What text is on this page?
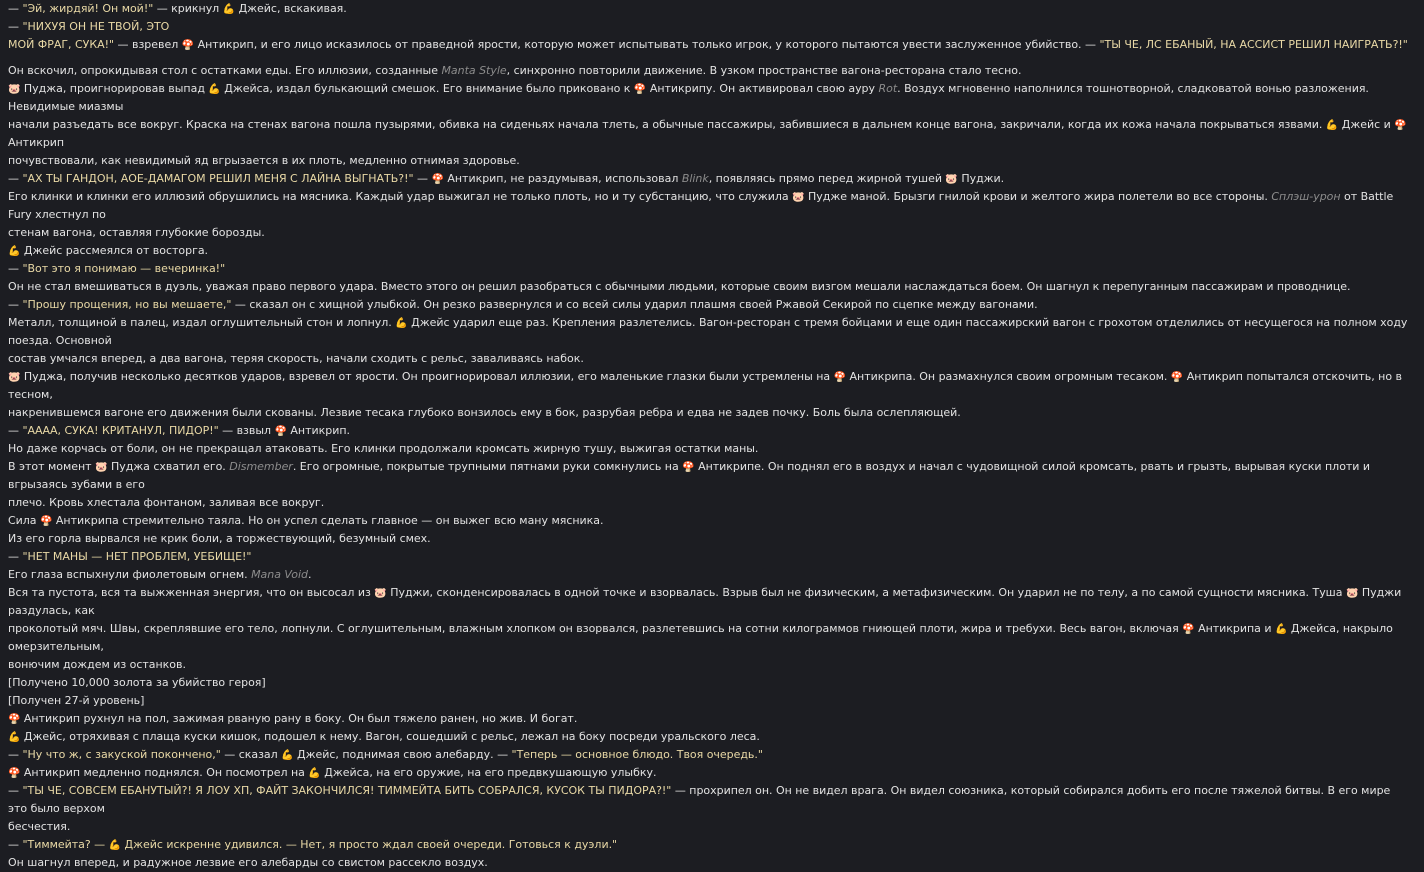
— "Эй, жирдяй! Он мой!" — крикнул 💪 Джейс, вскакивая.
— "НИХУЯ ОН НЕ ТВОЙ, ЭТО
МОЙ ФРАГ, СУКА!" — взревел 🍄 Антикрип, и его лицо исказилось от праведной ярости, которую может испытывать только игрок, у которого пытаются увести заслуженное убийство. — "ТЫ ЧЕ, ЛС ЕБАНЫЙ, НА АССИСТ РЕШИЛ НАИГРАТЬ?!"
Он вскочил, опрокидывая стол с остатками еды. Его иллюзии, созданные Manta Style, синхронно повторили движение. В узком пространстве вагона-ресторана стало тесно.
🐷 Пуджа, проигнорировав выпад 💪 Джейса, издал булькающий смешок. Его внимание было приковано к 🍄 Антикрипу. Он активировал свою ауру Rot. Воздух мгновенно наполнился тошнотворной, сладковатой вонью разложения. Невидимые миазмы
начали разъедать все вокруг. Краска на стенах вагона пошла пузырями, обивка на сиденьях начала тлеть, а обычные пассажиры, забившиеся в дальнем конце вагона, закричали, когда их кожа начала покрываться язвами. 💪 Джейс и 🍄 Антикрип
почувствовали, как невидимый яд вгрызается в их плоть, медленно отнимая здоровье.
— "АХ ТЫ ГАНДОН, АОЕ-ДАМАГОМ РЕШИЛ МЕНЯ С ЛАЙНА ВЫГНАТЬ?!" — 🍄 Антикрип, не раздумывая, использовал Blink, появляясь прямо перед жирной тушей 🐷 Пуджи.
Его клинки и клинки его иллюзий обрушились на мясника. Каждый удар выжигал не только плоть, но и ту субстанцию, что служила 🐷 Пудже маной. Брызги гнилой крови и желтого жира полетели во все стороны. Сплэш-урон от Battle Fury хлестнул по
стенам вагона, оставляя глубокие борозды.
💪 Джейс рассмеялся от восторга.
— "Вот это я понимаю — вечеринка!"
Он не стал вмешиваться в дуэль, уважая право первого удара. Вместо этого он решил разобраться с обычными людьми, которые своим визгом мешали наслаждаться боем. Он шагнул к перепуганным пассажирам и проводнице.
— "Прошу прощения, но вы мешаете," — сказал он с хищной улыбкой. Он резко развернулся и со всей силы ударил плашмя своей Ржавой Секирой по сцепке между вагонами.
Металл, толщиной в палец, издал оглушительный стон и лопнул. 💪 Джейс ударил еще раз. Крепления разлетелись. Вагон-ресторан с тремя бойцами и еще один пассажирский вагон с грохотом отделились от несущегося на полном ходу поезда. Основной
состав умчался вперед, а два вагона, теряя скорость, начали сходить с рельс, заваливаясь набок.
🐷 Пуджа, получив несколько десятков ударов, взревел от ярости. Он проигнорировал иллюзии, его маленькие глазки были устремлены на 🍄 Антикрипа. Он размахнулся своим огромным тесаком. 🍄 Антикрип попытался отскочить, но в тесном,
накренившемся вагоне его движения были скованы. Лезвие тесака глубоко вонзилось ему в бок, разрубая ребра и едва не задев почку. Боль была ослепляющей.
— "АААА, СУКА! КРИТАНУЛ, ПИДОР!" — взвыл 🍄 Антикрип.
Но даже корчась от боли, он не прекращал атаковать. Его клинки продолжали кромсать жирную тушу, выжигая остатки маны.
В этот момент 🐷 Пуджа схватил его. Dismember. Его огромные, покрытые трупными пятнами руки сомкнулись на 🍄 Антикрипе. Он поднял его в воздух и начал с чудовищной силой кромсать, рвать и грызть, вырывая куски плоти и вгрызаясь зубами в его
плечо. Кровь хлестала фонтаном, заливая все вокруг.
Сила 🍄 Антикрипа стремительно таяла. Но он успел сделать главное — он выжег всю ману мясника.
Из его горла вырвался не крик боли, а торжествующий, безумный смех.
— "НЕТ МАНЫ — НЕТ ПРОБЛЕМ, УЕБИЩЕ!"
Его глаза вспыхнули фиолетовым огнем. Mana Void.
Вся та пустота, вся та выжженная энергия, что он высосал из 🐷 Пуджи, сконденсировалась в одной точке и взорвалась. Взрыв был не физическим, а метафизическим. Он ударил не по телу, а по самой сущности мясника. Туша 🐷 Пуджи раздулась, как
проколотый мяч. Швы, скреплявшие его тело, лопнули. С оглушительным, влажным хлопком он взорвался, разлетевшись на сотни килограммов гниющей плоти, жира и требухи. Весь вагон, включая 🍄 Антикрипа и 💪 Джейса, накрыло омерзительным,
вонючим дождем из останков.
[Получено 10,000 золота за убийство героя]
[Получен 27-й уровень]
🍄 Антикрип рухнул на пол, зажимая рваную рану в боку. Он был тяжело ранен, но жив. И богат.
💪 Джейс, отряхивая с плаща куски кишок, подошел к нему. Вагон, сошедший с рельс, лежал на боку посреди уральского леса.
— "Ну что ж, с закуской покончено," — сказал 💪 Джейс, поднимая свою алебарду. — "Теперь — основное блюдо. Твоя очередь."
🍄 Антикрип медленно поднялся. Он посмотрел на 💪 Джейса, на его оружие, на его предвкушающую улыбку.
— "ТЫ ЧЕ, СОВСЕМ ЕБАНУТЫЙ?! Я ЛОУ ХП, ФАЙТ ЗАКОНЧИЛСЯ! ТИММЕЙТА БИТЬ СОБРАЛСЯ, КУСОК ТЫ ПИДОРА?!" — прохрипел он. Он не видел врага. Он видел союзника, который собирался добить его после тяжелой битвы. В его мире это было верхом
бесчестия.
— "Тиммейта? — 💪 Джейс искренне удивился. — Нет, я просто ждал своей очереди. Готовься к дуэли."
Он шагнул вперед, и радужное лезвие его алебарды со свистом рассекло воздух.
